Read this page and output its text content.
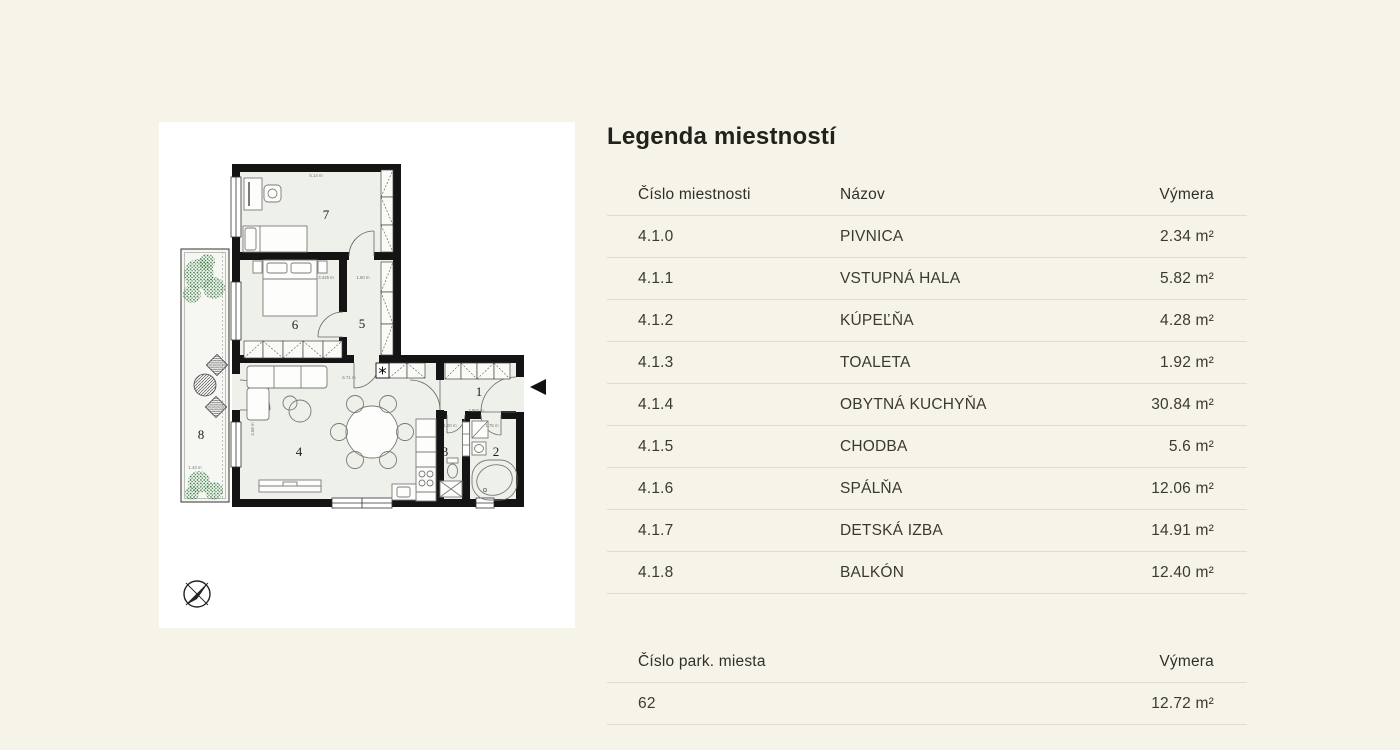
1
2
3
4
5
6
7
8
5.14 m
3.425 m	1.60 m
6.71 m
2.860 m
1.00 m	1.75 m
1.43 m
4.08 m
Legenda miestností
Číslo miestnosti	Názov	Výmera
4.1.0	PIVNICA	2.34 m²
4.1.1	VSTUPNÁ HALA	5.82 m²
4.1.2	KÚPEĽŇA	4.28 m²
4.1.3	TOALETA	1.92 m²
4.1.4	OBYTNÁ KUCHYŇA	30.84 m²
4.1.5	CHODBA	5.6 m²
4.1.6	SPÁLŇA	12.06 m²
4.1.7	DETSKÁ IZBA	14.91 m²
4.1.8	BALKÓN	12.40 m²
Číslo park. miesta	Výmera
62	12.72 m²
